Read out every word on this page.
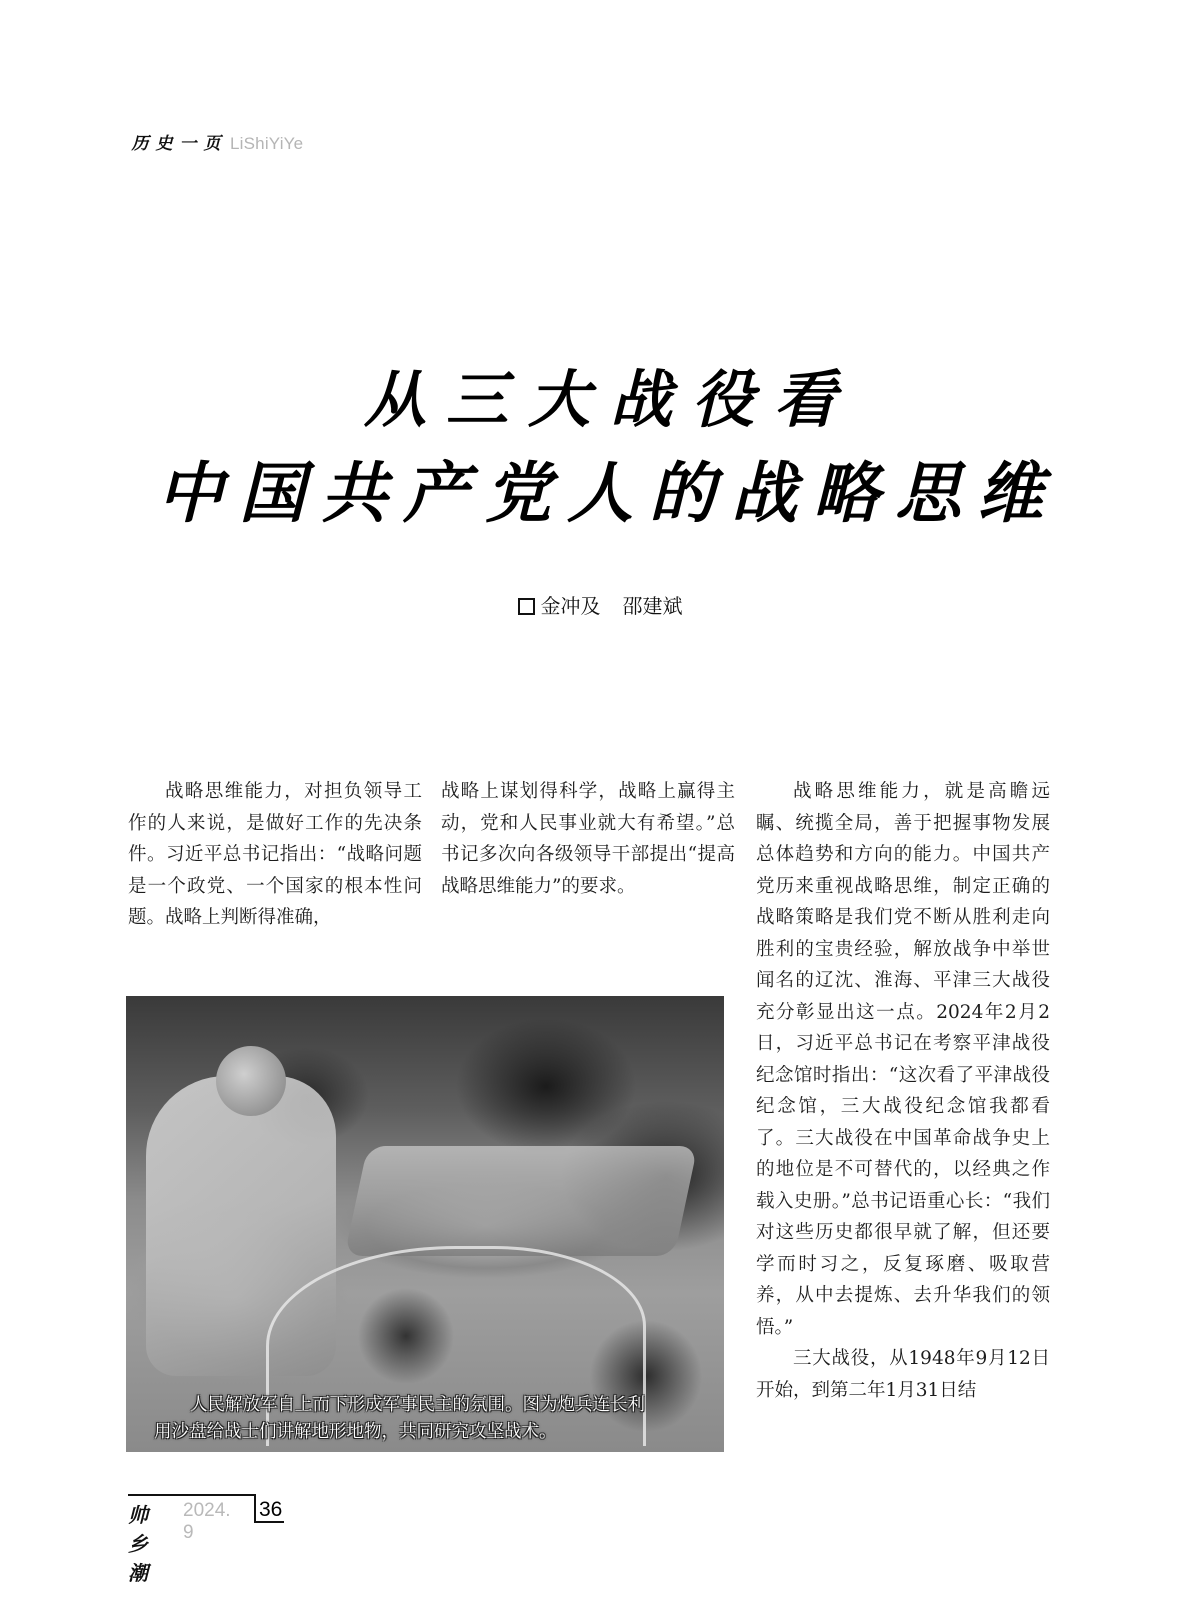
历 史 一 页 LiShiYiYe
从三大战役看
中国共产党人的战略思维
金冲及 邵建斌

战略思维能力，对担负领导工作的人来说，是做好工作的先决条件。习近平总书记指出：“战略问题是一个政党、一个国家的根本性问题。战略上判断得准确，

战略上谋划得科学，战略上赢得主动，党和人民事业就大有希望。”总书记多次向各级领导干部提出“提高战略思维能力”的要求。

战略思维能力，就是高瞻远瞩、统揽全局，善于把握事物发展总体趋势和方向的能力。中国共产党历来重视战略思维，制定正确的战略策略是我们党不断从胜利走向胜利的宝贵经验，解放战争中举世闻名的辽沈、淮海、平津三大战役充分彰显出这一点。2024年2月2日，习近平总书记在考察平津战役纪念馆时指出：“这次看了平津战役纪念馆，三大战役纪念馆我都看了。三大战役在中国革命战争史上的地位是不可替代的，以经典之作载入史册。”总书记语重心长：“我们对这些历史都很早就了解，但还要学而时习之，反复琢磨、吸取营养，从中去提炼、去升华我们的领悟。”

三大战役，从1948年9月12日开始，到第二年1月31日结

人民解放军自上而下形成军事民主的氛围。图为炮兵连长利
用沙盘给战士们讲解地形地物，共同研究攻坚战术。
帅乡潮
2024. 9
36
